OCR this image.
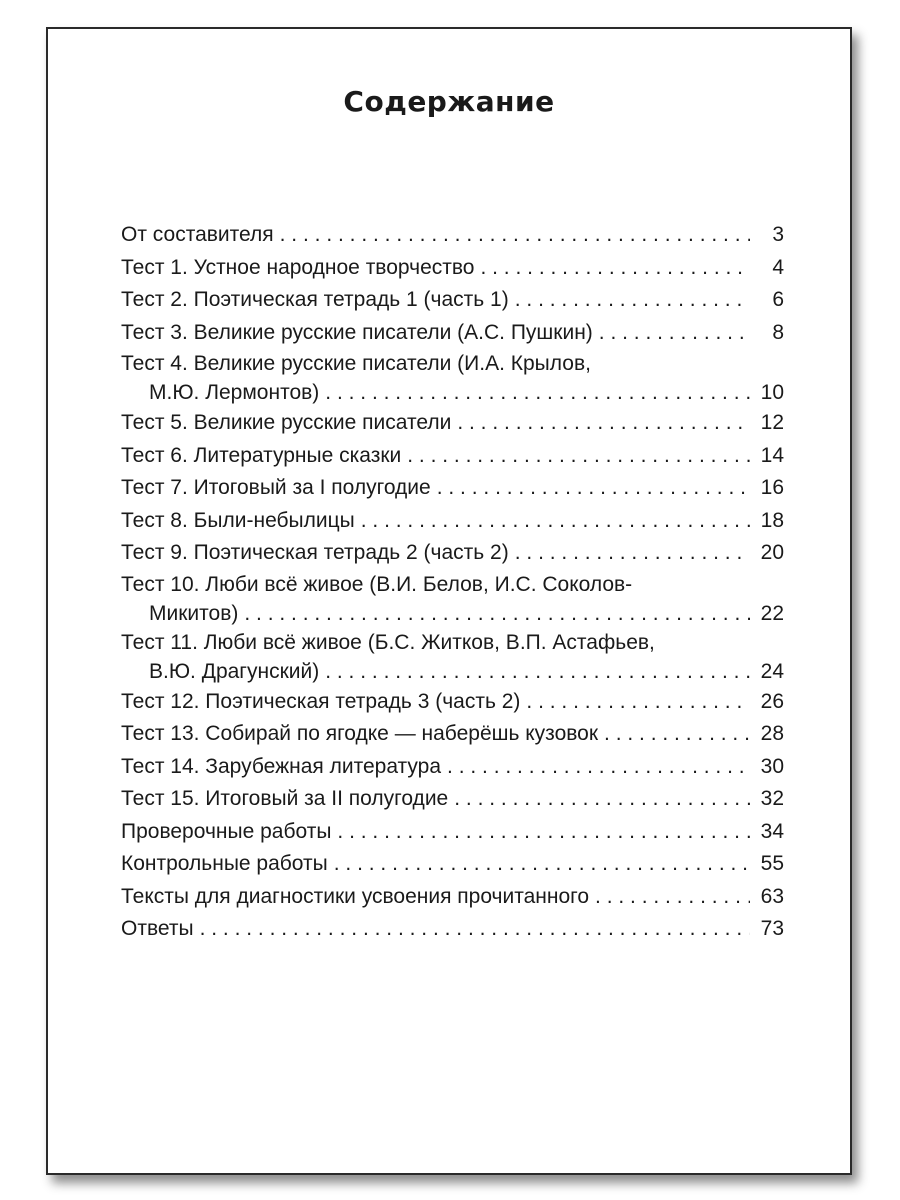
Содержание
От составителя . . .	3
Тест 1. Устное народное творчество . . .	4
Тест 2. Поэтическая тетрадь 1 (часть 1) . . .	6
Тест 3. Великие русские писатели (А.С. Пушкин) . . .	8
Тест 4. Великие русские писатели (И.А. Крылов,
М.Ю. Лермонтов) . . .	10
Тест 5. Великие русские писатели . . .	12
Тест 6. Литературные сказки . . .	14
Тест 7. Итоговый за I полугодие . . .	16
Тест 8. Были-небылицы . . .	18
Тест 9. Поэтическая тетрадь 2 (часть 2) . . .	20
Тест 10. Люби всё живое (В.И. Белов, И.С. Соколов-
Микитов) . . .	22
Тест 11. Люби всё живое (Б.С. Житков, В.П. Астафьев,
В.Ю. Драгунский) . . .	24
Тест 12. Поэтическая тетрадь 3 (часть 2) . . .	26
Тест 13. Собирай по ягодке — наберёшь кузовок . . .	28
Тест 14. Зарубежная литература . . .	30
Тест 15. Итоговый за II полугодие . . .	32
Проверочные работы . . .	34
Контрольные работы . . .	55
Тексты для диагностики усвоения прочитанного . . .	63
Ответы . . .	73
